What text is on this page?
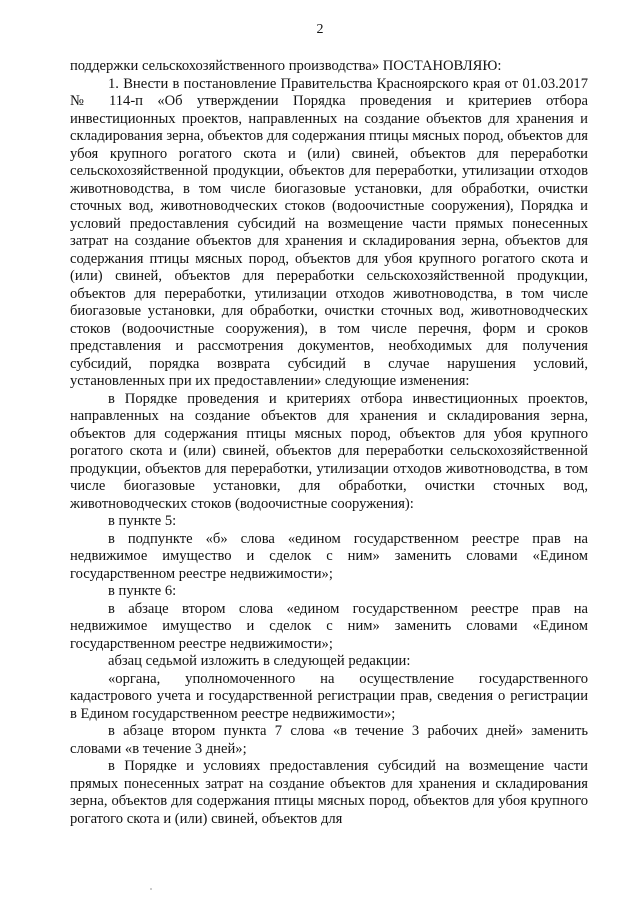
2

поддержки сельскохозяйственного производства» ПОСТАНОВЛЯЮ:

1. Внести в постановление Правительства Красноярского края от 01.03.2017 № 114-п «Об утверждении Порядка проведения и критериев отбора инвестиционных проектов, направленных на создание объектов для хранения и складирования зерна, объектов для содержания птицы мясных пород, объектов для убоя крупного рогатого скота и (или) свиней, объектов для переработки сельскохозяйственной продукции, объектов для переработки, утилизации отходов животноводства, в том числе биогазовые установки, для обработки, очистки сточных вод, животноводческих стоков (водоочистные сооружения), Порядка и условий предоставления субсидий на возмещение части прямых понесенных затрат на создание объектов для хранения и складирования зерна, объектов для содержания птицы мясных пород, объектов для убоя крупного рогатого скота и (или) свиней, объектов для переработки сельскохозяйственной продукции, объектов для переработки, утилизации отходов животноводства, в том числе биогазовые установки, для обработки, очистки сточных вод, животноводческих стоков (водоочистные сооружения), в том числе перечня, форм и сроков представления и рассмотрения документов, необходимых для получения субсидий, порядка возврата субсидий в случае нарушения условий, установленных при их предоставлении» следующие изменения:

в Порядке проведения и критериях отбора инвестиционных проектов, направленных на создание объектов для хранения и складирования зерна, объектов для содержания птицы мясных пород, объектов для убоя крупного рогатого скота и (или) свиней, объектов для переработки сельскохозяйственной продукции, объектов для переработки, утилизации отходов животноводства, в том числе биогазовые установки, для обработки, очистки сточных вод, животноводческих стоков (водоочистные сооружения):

в пункте 5:

в подпункте «б» слова «едином государственном реестре прав на недвижимое имущество и сделок с ним» заменить словами «Едином государственном реестре недвижимости»;

в пункте 6:

в абзаце втором слова «едином государственном реестре прав на недвижимое имущество и сделок с ним» заменить словами «Едином государственном реестре недвижимости»;

абзац седьмой изложить в следующей редакции:

«органа, уполномоченного на осуществление государственного кадастрового учета и государственной регистрации прав, сведения о регистрации в Едином государственном реестре недвижимости»;

в абзаце втором пункта 7 слова «в течение 3 рабочих дней» заменить словами «в течение 3 дней»;

в Порядке и условиях предоставления субсидий на возмещение части прямых понесенных затрат на создание объектов для хранения и складирования зерна, объектов для содержания птицы мясных пород, объектов для убоя крупного рогатого скота и (или) свиней, объектов для
